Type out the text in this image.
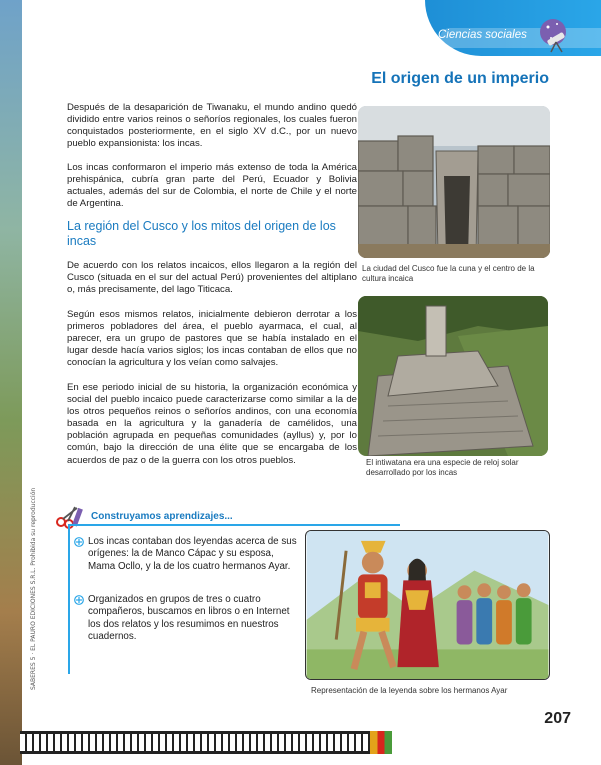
SABERES 5 · EL PAURO EDICIONES S.R.L. Prohibida su reproducción
Ciencias sociales
El origen de un imperio

Después de la desaparición de Tiwanaku, el mundo andino quedó dividido entre varios reinos o señoríos regionales, los cuales fueron conquistados posteriormente, en el siglo XV d.C., por un nuevo pueblo expansionista: los incas.

Los incas conformaron el imperio más extenso de toda la América prehispánica, cubría gran parte del Perú, Ecuador y Bolivia actuales, además del sur de Colombia, el norte de Chile y el norte de Argentina.

La región del Cusco y los mitos del origen de los incas

De acuerdo con los relatos incaicos, ellos llegaron a la región del Cusco (situada en el sur del actual Perú) provenientes del altiplano o, más precisamente, del lago Titicaca.

Según esos mismos relatos, inicialmente debieron derrotar a los primeros pobladores del área, el pueblo ayarmaca, el cual, al parecer, era un grupo de pastores que se había instalado en el lugar desde hacía varios siglos; los incas contaban de ellos que no conocían la agricultura y los veían como salvajes.

En ese periodo inicial de su historia, la organización económica y social del pueblo incaico puede caracterizarse como similar a la de los otros pequeños reinos o señoríos andinos, con una economía basada en la agricultura y la ganadería de camélidos, una población agrupada en pequeñas comunidades (ayllus) y, por lo común, bajo la dirección de una élite que se encargaba de los acuerdos de paz o de la guerra con los otros pueblos.

La ciudad del Cusco fue la cuna y el centro de la cultura incaica
El intiwatana era una especie de reloj solar desarrollado por los incas
Construyamos aprendizajes...
Los incas contaban dos leyendas acerca de sus orígenes: la de Manco Cápac y su esposa, Mama Ocllo, y la de los cuatro hermanos Ayar.
Organizados en grupos de tres o cuatro compañeros, buscamos en libros o en Internet los dos relatos y los resumimos en nuestros cuadernos.
Representación de la leyenda sobre los hermanos Ayar
207
